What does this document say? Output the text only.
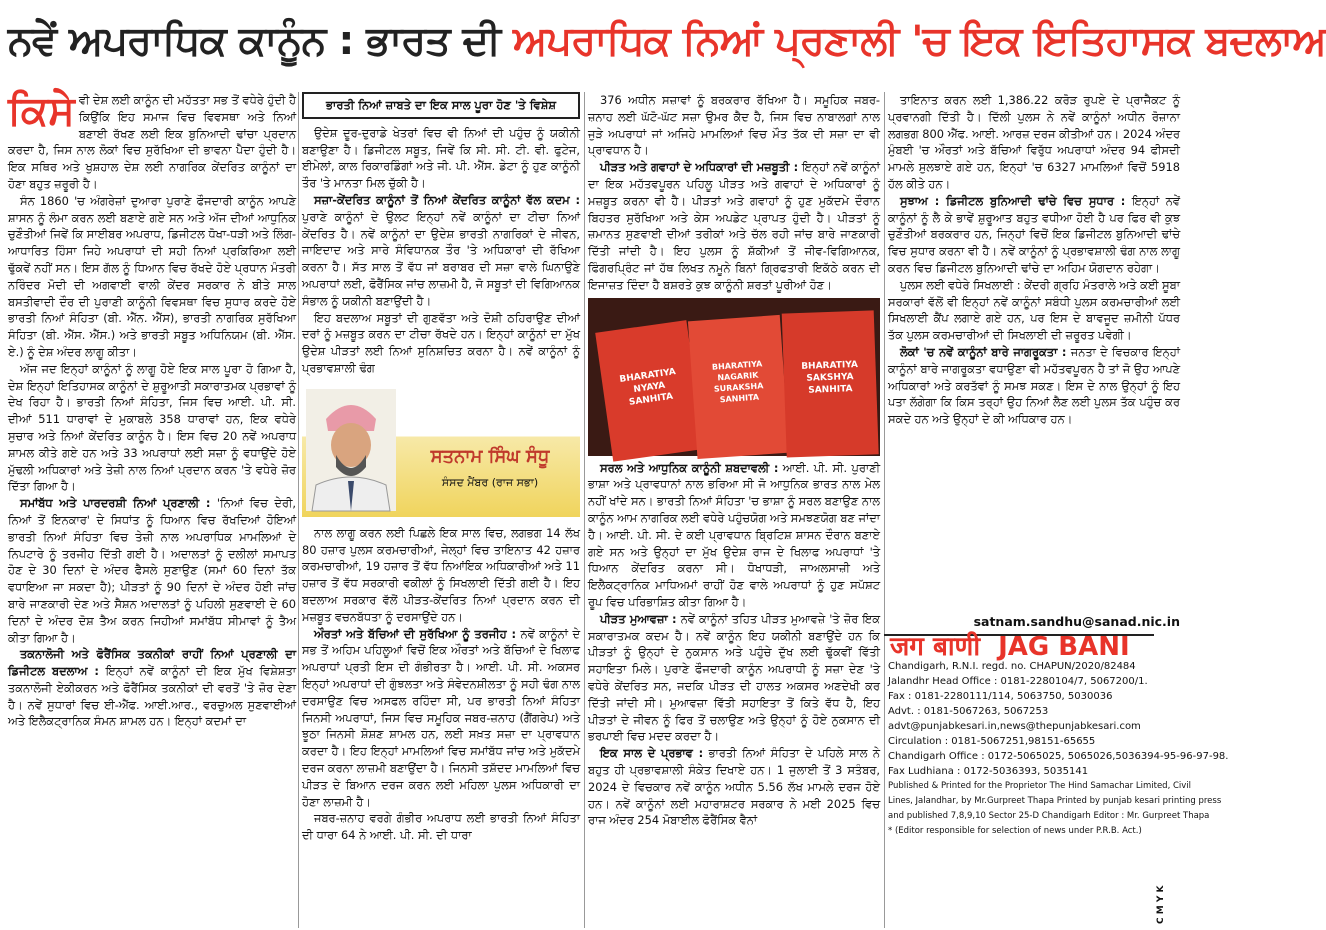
ਨਵੇਂ ਅਪਰਾਧਿਕ ਕਾਨੂੰਨ : ਭਾਰਤ ਦੀ ਅਪਰਾਧਿਕ ਨਿਆਂ ਪ੍ਰਣਾਲੀ 'ਚ ਇਕ ਇਤਿਹਾਸਕ ਬਦਲਾਅ

ਕਿਸੇ ਵੀ ਦੇਸ਼ ਲਈ ਕਾਨੂੰਨ ਦੀ ਮਹੱਤਤਾ ਸਭ ਤੋਂ ਵਧੇਰੇ ਹੁੰਦੀ ਹੈ ਕਿਉਂਕਿ ਇਹ ਸਮਾਜ ਵਿਚ ਵਿਵਸਥਾ ਅਤੇ ਨਿਆਂ ਬਣਾਈ ਰੱਖਣ ਲਈ ਇਕ ਬੁਨਿਆਦੀ ਢਾਂਚਾ ਪ੍ਰਦਾਨ ਕਰਦਾ ਹੈ, ਜਿਸ ਨਾਲ ਲੋਕਾਂ ਵਿਚ ਸੁਰੱਖਿਆ ਦੀ ਭਾਵਨਾ ਪੈਦਾ ਹੁੰਦੀ ਹੈ। ਇਕ ਸਥਿਰ ਅਤੇ ਖੁਸ਼ਹਾਲ ਦੇਸ਼ ਲਈ ਨਾਗਰਿਕ ਕੇਂਦਰਿਤ ਕਾਨੂੰਨਾਂ ਦਾ ਹੋਣਾ ਬਹੁਤ ਜ਼ਰੂਰੀ ਹੈ।

ਸੰਨ 1860 'ਚ ਅੰਗਰੇਜ਼ਾਂ ਦੁਆਰਾ ਪੁਰਾਣੇ ਫੌਜਦਾਰੀ ਕਾਨੂੰਨ ਆਪਣੇ ਸ਼ਾਸਨ ਨੂੰ ਲੰਮਾ ਕਰਨ ਲਈ ਬਣਾਏ ਗਏ ਸਨ ਅਤੇ ਅੱਜ ਦੀਆਂ ਆਧੁਨਿਕ ਚੁਣੌਤੀਆਂ ਜਿਵੇਂ ਕਿ ਸਾਈਬਰ ਅਪਰਾਧ, ਡਿਜੀਟਲ ਧੋਖਾ-ਧੜੀ ਅਤੇ ਲਿੰਗ-ਆਧਾਰਿਤ ਹਿੰਸਾ ਜਿਹੇ ਅਪਰਾਧਾਂ ਦੀ ਸਹੀ ਨਿਆਂ ਪ੍ਰਕਿਰਿਆ ਲਈ ਢੁੱਕਵੇਂ ਨਹੀਂ ਸਨ। ਇਸ ਗੱਲ ਨੂੰ ਧਿਆਨ ਵਿਚ ਰੱਖਦੇ ਹੋਏ ਪ੍ਰਧਾਨ ਮੰਤਰੀ ਨਰਿੰਦਰ ਮੋਦੀ ਦੀ ਅਗਵਾਈ ਵਾਲੀ ਕੇਂਦਰ ਸਰਕਾਰ ਨੇ ਬੀਤੇ ਸਾਲ ਬਸਤੀਵਾਦੀ ਦੌਰ ਦੀ ਪੁਰਾਣੀ ਕਾਨੂੰਨੀ ਵਿਵਸਥਾ ਵਿਚ ਸੁਧਾਰ ਕਰਦੇ ਹੋਏ ਭਾਰਤੀ ਨਿਆਂ ਸੰਹਿਤਾ (ਬੀ. ਐੱਨ. ਐੱਸ), ਭਾਰਤੀ ਨਾਗਰਿਕ ਸੁਰੱਖਿਆ ਸੰਹਿਤਾ (ਬੀ. ਐੱਸ. ਐੱਸ.) ਅਤੇ ਭਾਰਤੀ ਸਬੂਤ ਅਧਿਨਿਯਮ (ਬੀ. ਐੱਸ. ਏ.) ਨੂੰ ਦੇਸ਼ ਅੰਦਰ ਲਾਗੂ ਕੀਤਾ।

ਅੱਜ ਜਦ ਇਨ੍ਹਾਂ ਕਾਨੂੰਨਾਂ ਨੂੰ ਲਾਗੂ ਹੋਏ ਇਕ ਸਾਲ ਪੂਰਾ ਹੋ ਗਿਆ ਹੈ, ਦੇਸ਼ ਇਨ੍ਹਾਂ ਇਤਿਹਾਸਕ ਕਾਨੂੰਨਾਂ ਦੇ ਸ਼ੁਰੂਆਤੀ ਸਕਾਰਾਤਮਕ ਪ੍ਰਭਾਵਾਂ ਨੂੰ ਦੇਖ ਰਿਹਾ ਹੈ। ਭਾਰਤੀ ਨਿਆਂ ਸੰਹਿਤਾ, ਜਿਸ ਵਿਚ ਆਈ. ਪੀ. ਸੀ. ਦੀਆਂ 511 ਧਾਰਾਵਾਂ ਦੇ ਮੁਕਾਬਲੇ 358 ਧਾਰਾਵਾਂ ਹਨ, ਇਕ ਵਧੇਰੇ ਸੁਚਾਰ ਅਤੇ ਨਿਆਂ ਕੇਂਦਰਿਤ ਕਾਨੂੰਨ ਹੈ। ਇਸ ਵਿਚ 20 ਨਵੇਂ ਅਪਰਾਧ ਸ਼ਾਮਲ ਕੀਤੇ ਗਏ ਹਨ ਅਤੇ 33 ਅਪਰਾਧਾਂ ਲਈ ਸਜ਼ਾ ਨੂੰ ਵਧਾਉਂਦੇ ਹੋਏ ਮੁੱਢਲੀ ਅਧਿਕਾਰਾਂ ਅਤੇ ਤੇਜ਼ੀ ਨਾਲ ਨਿਆਂ ਪ੍ਰਦਾਨ ਕਰਨ 'ਤੇ ਵਧੇਰੇ ਜ਼ੋਰ ਦਿੱਤਾ ਗਿਆ ਹੈ।

ਸਮਾਂਬੱਧ ਅਤੇ ਪਾਰਦਰਸ਼ੀ ਨਿਆਂ ਪ੍ਰਣਾਲੀ : 'ਨਿਆਂ ਵਿਚ ਦੇਰੀ, ਨਿਆਂ ਤੋਂ ਇਨਕਾਰ' ਦੇ ਸਿਧਾਂਤ ਨੂੰ ਧਿਆਨ ਵਿਚ ਰੱਖਦਿਆਂ ਹੋਇਆਂ ਭਾਰਤੀ ਨਿਆਂ ਸੰਹਿਤਾ ਵਿਚ ਤੇਜ਼ੀ ਨਾਲ ਅਪਰਾਧਿਕ ਮਾਮਲਿਆਂ ਦੇ ਨਿਪਟਾਰੇ ਨੂੰ ਤਰਜੀਹ ਦਿੱਤੀ ਗਈ ਹੈ। ਅਦਾਲਤਾਂ ਨੂੰ ਦਲੀਲਾਂ ਸਮਾਪਤ ਹੋਣ ਦੇ 30 ਦਿਨਾਂ ਦੇ ਅੰਦਰ ਫੈਸਲੇ ਸੁਣਾਉਣ (ਸਮਾਂ 60 ਦਿਨਾਂ ਤੱਕ ਵਧਾਇਆ ਜਾ ਸਕਦਾ ਹੈ); ਪੀੜਤਾਂ ਨੂੰ 90 ਦਿਨਾਂ ਦੇ ਅੰਦਰ ਹੋਈ ਜਾਂਚ ਬਾਰੇ ਜਾਣਕਾਰੀ ਦੇਣ ਅਤੇ ਸੈਸ਼ਨ ਅਦਾਲਤਾਂ ਨੂੰ ਪਹਿਲੀ ਸੁਣਵਾਈ ਦੇ 60 ਦਿਨਾਂ ਦੇ ਅੰਦਰ ਦੋਸ਼ ਤੈਅ ਕਰਨ ਜਿਹੀਆਂ ਸਮਾਂਬੱਧ ਸੀਮਾਵਾਂ ਨੂੰ ਤੈਅ ਕੀਤਾ ਗਿਆ ਹੈ।

ਤਕਨਾਲੋਜੀ ਅਤੇ ਫੋਰੈਂਸਿਕ ਤਕਨੀਕਾਂ ਰਾਹੀਂ ਨਿਆਂ ਪ੍ਰਣਾਲੀ ਦਾ ਡਿਜੀਟਲ ਬਦਲਾਅ : ਇਨ੍ਹਾਂ ਨਵੇਂ ਕਾਨੂੰਨਾਂ ਦੀ ਇਕ ਮੁੱਖ ਵਿਸ਼ੇਸ਼ਤਾ ਤਕਨਾਲੋਜੀ ਏਕੀਕਰਨ ਅਤੇ ਫੋਰੈਂਸਿਕ ਤਕਨੀਕਾਂ ਦੀ ਵਰਤੋਂ 'ਤੇ ਜ਼ੋਰ ਦੇਣਾ ਹੈ। ਨਵੇਂ ਸੁਧਾਰਾਂ ਵਿਚ ਈ-ਐੱਫ. ਆਈ.ਆਰ., ਵਰਚੁਅਲ ਸੁਣਵਾਈਆਂ ਅਤੇ ਇਲੈਕਟ੍ਰਾਨਿਕ ਸੰਮਨ ਸ਼ਾਮਲ ਹਨ। ਇਨ੍ਹਾਂ ਕਦਮਾਂ ਦਾ

ਭਾਰਤੀ ਨਿਆਂ ਜ਼ਾਬਤੇ ਦਾ ਇਕ ਸਾਲ ਪੂਰਾ ਹੋਣ 'ਤੇ ਵਿਸ਼ੇਸ਼

ਉਦੇਸ਼ ਦੂਰ-ਦੁਰਾਡੇ ਖੇਤਰਾਂ ਵਿਚ ਵੀ ਨਿਆਂ ਦੀ ਪਹੁੰਚ ਨੂੰ ਯਕੀਨੀ ਬਣਾਉਣਾ ਹੈ। ਡਿਜੀਟਲ ਸਬੂਤ, ਜਿਵੇਂ ਕਿ ਸੀ. ਸੀ. ਟੀ. ਵੀ. ਫੁਟੇਜ, ਈਮੇਲਾਂ, ਕਾਲ ਰਿਕਾਰਡਿੰਗਾਂ ਅਤੇ ਜੀ. ਪੀ. ਐੱਸ. ਡੇਟਾ ਨੂੰ ਹੁਣ ਕਾਨੂੰਨੀ ਤੌਰ 'ਤੇ ਮਾਨਤਾ ਮਿਲ ਚੁੱਕੀ ਹੈ।

ਸਜ਼ਾ-ਕੇਂਦਰਿਤ ਕਾਨੂੰਨਾਂ ਤੋਂ ਨਿਆਂ ਕੇਂਦਰਿਤ ਕਾਨੂੰਨਾਂ ਵੱਲ ਕਦਮ : ਪੁਰਾਣੇ ਕਾਨੂੰਨਾਂ ਦੇ ਉਲਟ ਇਨ੍ਹਾਂ ਨਵੇਂ ਕਾਨੂੰਨਾਂ ਦਾ ਟੀਚਾ ਨਿਆਂ ਕੇਂਦਰਿਤ ਹੈ। ਨਵੇਂ ਕਾਨੂੰਨਾਂ ਦਾ ਉਦੇਸ਼ ਭਾਰਤੀ ਨਾਗਰਿਕਾਂ ਦੇ ਜੀਵਨ, ਜਾਇਦਾਦ ਅਤੇ ਸਾਰੇ ਸੰਵਿਧਾਨਕ ਤੌਰ 'ਤੇ ਅਧਿਕਾਰਾਂ ਦੀ ਰੱਖਿਆ ਕਰਨਾ ਹੈ। ਸੱਤ ਸਾਲ ਤੋਂ ਵੱਧ ਜਾਂ ਬਰਾਬਰ ਦੀ ਸਜ਼ਾ ਵਾਲੇ ਘਿਨਾਉਣੇ ਅਪਰਾਧਾਂ ਲਈ, ਫੋਰੈਂਸਿਕ ਜਾਂਚ ਲਾਜ਼ਮੀ ਹੈ, ਜੋ ਸਬੂਤਾਂ ਦੀ ਵਿਗਿਆਨਕ ਸੰਭਾਲ ਨੂੰ ਯਕੀਨੀ ਬਣਾਉਂਦੀ ਹੈ।

ਇਹ ਬਦਲਾਅ ਸਬੂਤਾਂ ਦੀ ਗੁਣਵੱਤਾ ਅਤੇ ਦੋਸ਼ੀ ਠਹਿਰਾਉਣ ਦੀਆਂ ਦਰਾਂ ਨੂੰ ਮਜ਼ਬੂਤ ਕਰਨ ਦਾ ਟੀਚਾ ਰੱਖਦੇ ਹਨ। ਇਨ੍ਹਾਂ ਕਾਨੂੰਨਾਂ ਦਾ ਮੁੱਖ ਉਦੇਸ਼ ਪੀੜਤਾਂ ਲਈ ਨਿਆਂ ਸੁਨਿਸ਼ਚਿਤ ਕਰਨਾ ਹੈ। ਨਵੇਂ ਕਾਨੂੰਨਾਂ ਨੂੰ ਪ੍ਰਭਾਵਸ਼ਾਲੀ ਢੰਗ

ਸਤਨਾਮ ਸਿੰਘ ਸੰਧੂ
ਸੰਸਦ ਮੈਂਬਰ (ਰਾਜ ਸਭਾ)

ਨਾਲ ਲਾਗੂ ਕਰਨ ਲਈ ਪਿਛਲੇ ਇਕ ਸਾਲ ਵਿਚ, ਲਗਭਗ 14 ਲੱਖ 80 ਹਜ਼ਾਰ ਪੁਲਸ ਕਰਮਚਾਰੀਆਂ, ਜੇਲ੍ਹਾਂ ਵਿਚ ਤਾਇਨਾਤ 42 ਹਜ਼ਾਰ ਕਰਮਚਾਰੀਆਂ, 19 ਹਜ਼ਾਰ ਤੋਂ ਵੱਧ ਨਿਆਂਇਕ ਅਧਿਕਾਰੀਆਂ ਅਤੇ 11 ਹਜ਼ਾਰ ਤੋਂ ਵੱਧ ਸਰਕਾਰੀ ਵਕੀਲਾਂ ਨੂੰ ਸਿਖਲਾਈ ਦਿੱਤੀ ਗਈ ਹੈ। ਇਹ ਬਦਲਾਅ ਸਰਕਾਰ ਵੱਲੋਂ ਪੀੜਤ-ਕੇਂਦਰਿਤ ਨਿਆਂ ਪ੍ਰਦਾਨ ਕਰਨ ਦੀ ਮਜ਼ਬੂਤ ਵਚਨਬੱਧਤਾ ਨੂੰ ਦਰਸਾਉਂਦੇ ਹਨ।

ਔਰਤਾਂ ਅਤੇ ਬੱਚਿਆਂ ਦੀ ਸੁਰੱਖਿਆ ਨੂੰ ਤਰਜੀਹ : ਨਵੇਂ ਕਾਨੂੰਨਾਂ ਦੇ ਸਭ ਤੋਂ ਅਹਿਮ ਪਹਿਲੂਆਂ ਵਿਚੋਂ ਇਕ ਔਰਤਾਂ ਅਤੇ ਬੱਚਿਆਂ ਦੇ ਖਿਲਾਫ ਅਪਰਾਧਾਂ ਪ੍ਰਤੀ ਇਸ ਦੀ ਗੰਭੀਰਤਾ ਹੈ। ਆਈ. ਪੀ. ਸੀ. ਅਕਸਰ ਇਨ੍ਹਾਂ ਅਪਰਾਧਾਂ ਦੀ ਗੁੰਝਲਤਾ ਅਤੇ ਸੰਵੇਦਨਸ਼ੀਲਤਾ ਨੂੰ ਸਹੀ ਢੰਗ ਨਾਲ ਦਰਸਾਉਣ ਵਿਚ ਅਸਫਲ ਰਹਿੰਦਾ ਸੀ, ਪਰ ਭਾਰਤੀ ਨਿਆਂ ਸੰਹਿਤਾ ਜਿਨਸੀ ਅਪਰਾਧਾਂ, ਜਿਸ ਵਿਚ ਸਮੂਹਿਕ ਜਬਰ-ਜ਼ਨਾਹ (ਗੈਂਗਰੇਪ) ਅਤੇ ਝੂਠਾ ਜਿਨਸੀ ਸ਼ੋਸ਼ਣ ਸ਼ਾਮਲ ਹਨ, ਲਈ ਸਖ਼ਤ ਸਜ਼ਾ ਦਾ ਪ੍ਰਾਵਧਾਨ ਕਰਦਾ ਹੈ। ਇਹ ਇਨ੍ਹਾਂ ਮਾਮਲਿਆਂ ਵਿਚ ਸਮਾਂਬੱਧ ਜਾਂਚ ਅਤੇ ਮੁਕੱਦਮੇ ਦਰਜ ਕਰਨਾ ਲਾਜ਼ਮੀ ਬਣਾਉਂਦਾ ਹੈ। ਜਿਨਸੀ ਤਸ਼ੱਦਦ ਮਾਮਲਿਆਂ ਵਿਚ ਪੀੜਤ ਦੇ ਬਿਆਨ ਦਰਜ ਕਰਨ ਲਈ ਮਹਿਲਾ ਪੁਲਸ ਅਧਿਕਾਰੀ ਦਾ ਹੋਣਾ ਲਾਜ਼ਮੀ ਹੈ।

ਜਬਰ-ਜ਼ਨਾਹ ਵਰਗੇ ਗੰਭੀਰ ਅਪਰਾਧ ਲਈ ਭਾਰਤੀ ਨਿਆਂ ਸੰਹਿਤਾ ਦੀ ਧਾਰਾ 64 ਨੇ ਆਈ. ਪੀ. ਸੀ. ਦੀ ਧਾਰਾ

376 ਅਧੀਨ ਸਜ਼ਾਵਾਂ ਨੂੰ ਬਰਕਰਾਰ ਰੱਖਿਆ ਹੈ। ਸਮੂਹਿਕ ਜਬਰ-ਜ਼ਨਾਹ ਲਈ ਘੱਟੋ-ਘੱਟ ਸਜ਼ਾ ਉਮਰ ਕੈਦ ਹੈ, ਜਿਸ ਵਿਚ ਨਾਬਾਲਗਾਂ ਨਾਲ ਜੁੜੇ ਅਪਰਾਧਾਂ ਜਾਂ ਅਜਿਹੇ ਮਾਮਲਿਆਂ ਵਿਚ ਮੌਤ ਤੱਕ ਦੀ ਸਜ਼ਾ ਦਾ ਵੀ ਪ੍ਰਾਵਧਾਨ ਹੈ।

ਪੀੜਤ ਅਤੇ ਗਵਾਹਾਂ ਦੇ ਅਧਿਕਾਰਾਂ ਦੀ ਮਜ਼ਬੂਤੀ : ਇਨ੍ਹਾਂ ਨਵੇਂ ਕਾਨੂੰਨਾਂ ਦਾ ਇਕ ਮਹੱਤਵਪੂਰਨ ਪਹਿਲੂ ਪੀੜਤ ਅਤੇ ਗਵਾਹਾਂ ਦੇ ਅਧਿਕਾਰਾਂ ਨੂੰ ਮਜ਼ਬੂਤ ਕਰਨਾ ਵੀ ਹੈ। ਪੀੜਤਾਂ ਅਤੇ ਗਵਾਹਾਂ ਨੂੰ ਹੁਣ ਮੁਕੱਦਮੇ ਦੌਰਾਨ ਬਿਹਤਰ ਸੁਰੱਖਿਆ ਅਤੇ ਕੇਸ ਅਪਡੇਟ ਪ੍ਰਾਪਤ ਹੁੰਦੀ ਹੈ। ਪੀੜਤਾਂ ਨੂੰ ਜ਼ਮਾਨਤ ਸੁਣਵਾਈ ਦੀਆਂ ਤਰੀਕਾਂ ਅਤੇ ਚੱਲ ਰਹੀ ਜਾਂਚ ਬਾਰੇ ਜਾਣਕਾਰੀ ਦਿੱਤੀ ਜਾਂਦੀ ਹੈ। ਇਹ ਪੁਲਸ ਨੂੰ ਸ਼ੱਕੀਆਂ ਤੋਂ ਜੀਵ-ਵਿਗਿਆਨਕ, ਫਿੰਗਰਪ੍ਰਿੰਟ ਜਾਂ ਹੱਥ ਲਿਖਤ ਨਮੂਨੇ ਬਿਨਾਂ ਗ੍ਰਿਫਤਾਰੀ ਇਕੱਠੇ ਕਰਨ ਦੀ ਇਜਾਜ਼ਤ ਦਿੰਦਾ ਹੈ ਬਸ਼ਰਤੇ ਕੁਝ ਕਾਨੂੰਨੀ ਸ਼ਰਤਾਂ ਪੂਰੀਆਂ ਹੋਣ।

BHARATIYANYAYASANHITA
BHARATIYANAGARIKSURAKSHASANHITA
BHARATIYASAKSHYASANHITA

ਸਰਲ ਅਤੇ ਆਧੁਨਿਕ ਕਾਨੂੰਨੀ ਸ਼ਬਦਾਵਲੀ : ਆਈ. ਪੀ. ਸੀ. ਪੁਰਾਣੀ ਭਾਸ਼ਾ ਅਤੇ ਪ੍ਰਾਵਧਾਨਾਂ ਨਾਲ ਭਰਿਆ ਸੀ ਜੋ ਆਧੁਨਿਕ ਭਾਰਤ ਨਾਲ ਮੇਲ ਨਹੀਂ ਖਾਂਦੇ ਸਨ। ਭਾਰਤੀ ਨਿਆਂ ਸੰਹਿਤਾ 'ਚ ਭਾਸ਼ਾ ਨੂੰ ਸਰਲ ਬਣਾਉਣ ਨਾਲ ਕਾਨੂੰਨ ਆਮ ਨਾਗਰਿਕ ਲਈ ਵਧੇਰੇ ਪਹੁੰਚਯੋਗ ਅਤੇ ਸਮਝਣਯੋਗ ਬਣ ਜਾਂਦਾ ਹੈ। ਆਈ. ਪੀ. ਸੀ. ਦੇ ਕਈ ਪ੍ਰਾਵਧਾਨ ਬ੍ਰਿਟਿਸ਼ ਸ਼ਾਸਨ ਦੌਰਾਨ ਬਣਾਏ ਗਏ ਸਨ ਅਤੇ ਉਨ੍ਹਾਂ ਦਾ ਮੁੱਖ ਉਦੇਸ਼ ਰਾਜ ਦੇ ਖਿਲਾਫ ਅਪਰਾਧਾਂ 'ਤੇ ਧਿਆਨ ਕੇਂਦਰਿਤ ਕਰਨਾ ਸੀ। ਧੋਖਾਧੜੀ, ਜਾਅਲਸਾਜ਼ੀ ਅਤੇ ਇਲੈਕਟ੍ਰਾਨਿਕ ਮਾਧਿਅਮਾਂ ਰਾਹੀਂ ਹੋਣ ਵਾਲੇ ਅਪਰਾਧਾਂ ਨੂੰ ਹੁਣ ਸਪੱਸ਼ਟ ਰੂਪ ਵਿਚ ਪਰਿਭਾਸ਼ਿਤ ਕੀਤਾ ਗਿਆ ਹੈ।

ਪੀੜਤ ਮੁਆਵਜ਼ਾ : ਨਵੇਂ ਕਾਨੂੰਨਾਂ ਤਹਿਤ ਪੀੜਤ ਮੁਆਵਜ਼ੇ 'ਤੇ ਜ਼ੋਰ ਇਕ ਸਕਾਰਾਤਮਕ ਕਦਮ ਹੈ। ਨਵੇਂ ਕਾਨੂੰਨ ਇਹ ਯਕੀਨੀ ਬਣਾਉਂਦੇ ਹਨ ਕਿ ਪੀੜਤਾਂ ਨੂੰ ਉਨ੍ਹਾਂ ਦੇ ਨੁਕਸਾਨ ਅਤੇ ਪਹੁੰਚੇ ਦੁੱਖ ਲਈ ਢੁੱਕਵੀਂ ਵਿੱਤੀ ਸਹਾਇਤਾ ਮਿਲੇ। ਪੁਰਾਣੇ ਫੌਜਦਾਰੀ ਕਾਨੂੰਨ ਅਪਰਾਧੀ ਨੂੰ ਸਜ਼ਾ ਦੇਣ 'ਤੇ ਵਧੇਰੇ ਕੇਂਦਰਿਤ ਸਨ, ਜਦਕਿ ਪੀੜਤ ਦੀ ਹਾਲਤ ਅਕਸਰ ਅਣਦੇਖੀ ਕਰ ਦਿੱਤੀ ਜਾਂਦੀ ਸੀ। ਮੁਆਵਜ਼ਾ ਵਿੱਤੀ ਸਹਾਇਤਾ ਤੋਂ ਕਿਤੇ ਵੱਧ ਹੈ, ਇਹ ਪੀੜਤਾਂ ਦੇ ਜੀਵਨ ਨੂੰ ਫਿਰ ਤੋਂ ਚਲਾਉਣ ਅਤੇ ਉਨ੍ਹਾਂ ਨੂੰ ਹੋਏ ਨੁਕਸਾਨ ਦੀ ਭਰਪਾਈ ਵਿਚ ਮਦਦ ਕਰਦਾ ਹੈ।

ਇਕ ਸਾਲ ਦੇ ਪ੍ਰਭਾਵ : ਭਾਰਤੀ ਨਿਆਂ ਸੰਹਿਤਾ ਦੇ ਪਹਿਲੇ ਸਾਲ ਨੇ ਬਹੁਤ ਹੀ ਪ੍ਰਭਾਵਸ਼ਾਲੀ ਸੰਕੇਤ ਦਿਖਾਏ ਹਨ। 1 ਜੁਲਾਈ ਤੋਂ 3 ਸਤੰਬਰ, 2024 ਦੇ ਵਿਚਕਾਰ ਨਵੇਂ ਕਾਨੂੰਨ ਅਧੀਨ 5.56 ਲੱਖ ਮਾਮਲੇ ਦਰਜ ਹੋਏ ਹਨ। ਨਵੇਂ ਕਾਨੂੰਨਾਂ ਲਈ ਮਹਾਰਾਸ਼ਟਰ ਸਰਕਾਰ ਨੇ ਮਈ 2025 ਵਿਚ ਰਾਜ ਅੰਦਰ 254 ਮੋਬਾਈਲ ਫੋਰੈਂਸਿਕ ਵੈਨਾਂ

ਤਾਇਨਾਤ ਕਰਨ ਲਈ 1,386.22 ਕਰੋੜ ਰੁਪਏ ਦੇ ਪ੍ਰਾਜੈਕਟ ਨੂੰ ਪ੍ਰਵਾਨਗੀ ਦਿੱਤੀ ਹੈ। ਦਿੱਲੀ ਪੁਲਸ ਨੇ ਨਵੇਂ ਕਾਨੂੰਨਾਂ ਅਧੀਨ ਰੋਜ਼ਾਨਾ ਲਗਭਗ 800 ਐੱਫ. ਆਈ. ਆਰਜ਼ ਦਰਜ ਕੀਤੀਆਂ ਹਨ। 2024 ਅੰਦਰ ਮੁੰਬਈ 'ਚ ਔਰਤਾਂ ਅਤੇ ਬੱਚਿਆਂ ਵਿਰੁੱਧ ਅਪਰਾਧਾਂ ਅੰਦਰ 94 ਫੀਸਦੀ ਮਾਮਲੇ ਸੁਲਝਾਏ ਗਏ ਹਨ, ਇਨ੍ਹਾਂ 'ਚ 6327 ਮਾਮਲਿਆਂ ਵਿਚੋਂ 5918 ਹੱਲ ਕੀਤੇ ਹਨ।

ਸੁਝਾਅ : ਡਿਜੀਟਲ ਬੁਨਿਆਦੀ ਢਾਂਚੇ ਵਿਚ ਸੁਧਾਰ : ਇਨ੍ਹਾਂ ਨਵੇਂ ਕਾਨੂੰਨਾਂ ਨੂੰ ਲੈ ਕੇ ਭਾਵੇਂ ਸ਼ੁਰੂਆਤ ਬਹੁਤ ਵਧੀਆ ਹੋਈ ਹੈ ਪਰ ਫਿਰ ਵੀ ਕੁਝ ਚੁਣੌਤੀਆਂ ਬਰਕਰਾਰ ਹਨ, ਜਿਨ੍ਹਾਂ ਵਿਚੋਂ ਇਕ ਡਿਜੀਟਲ ਬੁਨਿਆਦੀ ਢਾਂਚੇ ਵਿਚ ਸੁਧਾਰ ਕਰਨਾ ਵੀ ਹੈ। ਨਵੇਂ ਕਾਨੂੰਨਾਂ ਨੂੰ ਪ੍ਰਭਾਵਸ਼ਾਲੀ ਢੰਗ ਨਾਲ ਲਾਗੂ ਕਰਨ ਵਿਚ ਡਿਜੀਟਲ ਬੁਨਿਆਦੀ ਢਾਂਚੇ ਦਾ ਅਹਿਮ ਯੋਗਦਾਨ ਰਹੇਗਾ।

ਪੁਲਸ ਲਈ ਵਧੇਰੇ ਸਿਖਲਾਈ : ਕੇਂਦਰੀ ਗ੍ਰਹਿ ਮੰਤਰਾਲੇ ਅਤੇ ਕਈ ਸੂਬਾ ਸਰਕਾਰਾਂ ਵੱਲੋਂ ਵੀ ਇਨ੍ਹਾਂ ਨਵੇਂ ਕਾਨੂੰਨਾਂ ਸਬੰਧੀ ਪੁਲਸ ਕਰਮਚਾਰੀਆਂ ਲਈ ਸਿਖਲਾਈ ਕੈਂਪ ਲਗਾਏ ਗਏ ਹਨ, ਪਰ ਇਸ ਦੇ ਬਾਵਜੂਦ ਜ਼ਮੀਨੀ ਪੱਧਰ ਤੱਕ ਪੁਲਸ ਕਰਮਚਾਰੀਆਂ ਦੀ ਸਿਖਲਾਈ ਦੀ ਜ਼ਰੂਰਤ ਪਵੇਗੀ।

ਲੋਕਾਂ 'ਚ ਨਵੇਂ ਕਾਨੂੰਨਾਂ ਬਾਰੇ ਜਾਗਰੂਕਤਾ : ਜਨਤਾ ਦੇ ਵਿਚਕਾਰ ਇਨ੍ਹਾਂ ਕਾਨੂੰਨਾਂ ਬਾਰੇ ਜਾਗਰੂਕਤਾ ਵਧਾਉਣਾ ਵੀ ਮਹੱਤਵਪੂਰਨ ਹੈ ਤਾਂ ਜੋ ਉਹ ਆਪਣੇ ਅਧਿਕਾਰਾਂ ਅਤੇ ਕਰਤੱਵਾਂ ਨੂੰ ਸਮਝ ਸਕਣ। ਇਸ ਦੇ ਨਾਲ ਉਨ੍ਹਾਂ ਨੂੰ ਇਹ ਪਤਾ ਲੱਗੇਗਾ ਕਿ ਕਿਸ ਤਰ੍ਹਾਂ ਉਹ ਨਿਆਂ ਲੈਣ ਲਈ ਪੁਲਸ ਤੱਕ ਪਹੁੰਚ ਕਰ ਸਕਦੇ ਹਨ ਅਤੇ ਉਨ੍ਹਾਂ ਦੇ ਕੀ ਅਧਿਕਾਰ ਹਨ।

satnam.sandhu@sanad.nic.in
जग बाणी JAG BANI
Chandigarh, R.N.I. regd. no. CHAPUN/2020/82484
Jalandhr Head Office : 0181-2280104/7, 5067200/1.
Fax : 0181-2280111/114, 5063750, 5030036
Advt. : 0181-5067263, 5067253
advt@punjabkesari.in,news@thepunjabkesari.com
Circulation : 0181-5067251,98151-65655
Chandigarh Office : 0172-5065025, 5065026,5036394-95-96-97-98.
Fax Ludhiana : 0172-5036393, 5035141
Published & Printed for the Proprietor The Hind Samachar Limited, Civil
Lines, Jalandhar, by Mr.Gurpreet Thapa Printed by punjab kesari printing press
and published 7,8,9,10 Sector 25-D Chandigarh Editor : Mr. Gurpreet Thapa
* (Editor responsible for selection of news under P.R.B. Act.)
C M Y K
